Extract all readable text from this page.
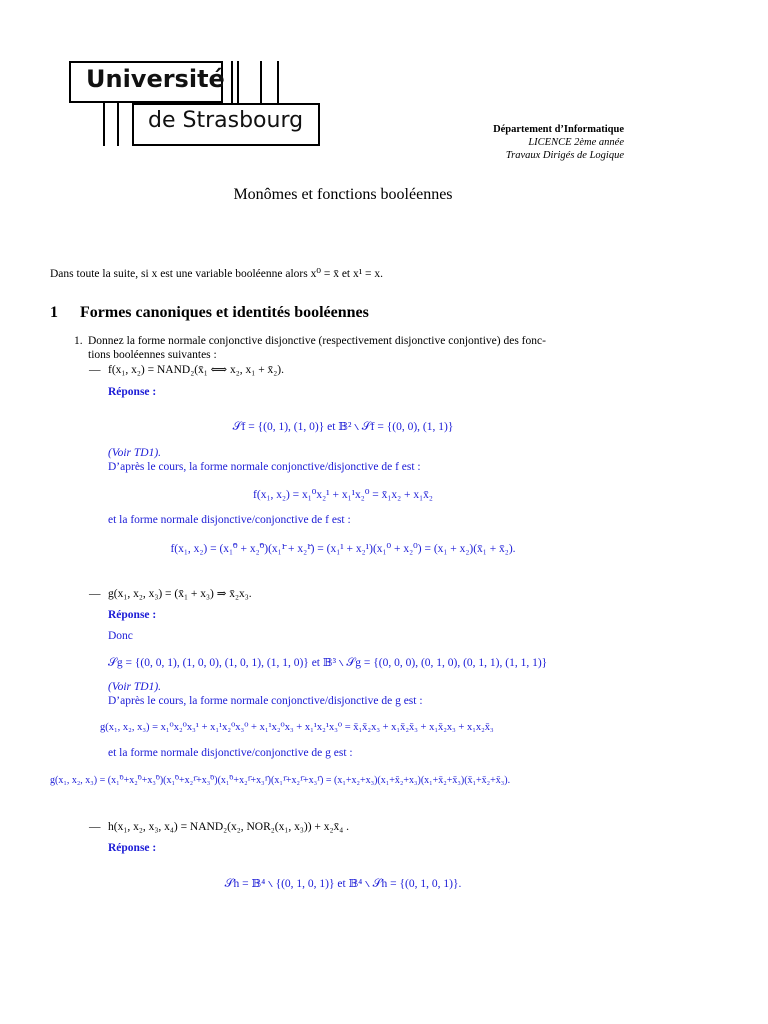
Université
de Strasbourg	Département d’Informatique
LICENCE 2ème année
Travaux Dirigés de Logique
Monômes et fonctions booléennes
Dans toute la suite, si x est une variable booléenne alors x⁰ = x̄ et x¹ = x.
1 Formes canoniques et identités booléennes
1. Donnez la forme normale conjonctive disjonctive (respectivement disjonctive conjontive) des fonc-
tions booléennes suivantes :
— f(x₁, x₂) = NAND₂(x̄₁ ⟺ x₂, x₁ + x̄₂).
Réponse :
𝒮f = {(0, 1), (1, 0)} et 𝔹² ∖ 𝒮f = {(0, 0), (1, 1)}
(Voir TD1).
D’après le cours, la forme normale conjonctive/disjonctive de f est :
f(x₁, x₂) = x₁⁰x₂¹ + x₁¹x₂⁰ = x̄₁x₂ + x₁x̄₂
et la forme normale disjonctive/conjonctive de f est :
f(x₁, x₂) = (x₁⁰̄ + x₂⁰̄)(x₁¹̄ + x₂¹̄) = (x₁¹ + x₂¹)(x₁⁰ + x₂⁰) = (x₁ + x₂)(x̄₁ + x̄₂).
— g(x₁, x₂, x₃) = (x̄₁ + x₃) ⇒ x̄₂x₃.
Réponse :
Donc
𝒮g = {(0, 0, 1), (1, 0, 0), (1, 0, 1), (1, 1, 0)} et 𝔹³ ∖ 𝒮g = {(0, 0, 0), (0, 1, 0), (0, 1, 1), (1, 1, 1)}
(Voir TD1).
D’après le cours, la forme normale conjonctive/disjonctive de g est :
g(x₁, x₂, x₃) = x₁⁰x₂⁰x₃¹ + x₁¹x₂⁰x₃⁰ + x₁¹x₂⁰x₃ + x₁¹x₂¹x₃⁰ = x̄₁x̄₂x₃ + x₁x̄₂x̄₃ + x₁x̄₂x₃ + x₁x₂x̄₃
et la forme normale disjonctive/conjonctive de g est :
g(x₁, x₂, x₃) = (x₁⁰̄+x₂⁰̄+x₃⁰̄)(x₁⁰̄+x₂¹̄+x₃⁰̄)(x₁⁰̄+x₂¹̄+x₃¹̄)(x₁¹̄+x₂¹̄+x₃¹̄) = (x₁+x₂+x₃)(x₁+x̄₂+x₃)(x₁+x̄₂+x̄₃)(x̄₁+x̄₂+x̄₃).
— h(x₁, x₂, x₃, x₄) = NAND₂(x₂, NOR₂(x₁, x₃)) + x₂x̄₄ .
Réponse :
𝒮h = 𝔹⁴ ∖ {(0, 1, 0, 1)} et 𝔹⁴ ∖ 𝒮h = {(0, 1, 0, 1)}.
